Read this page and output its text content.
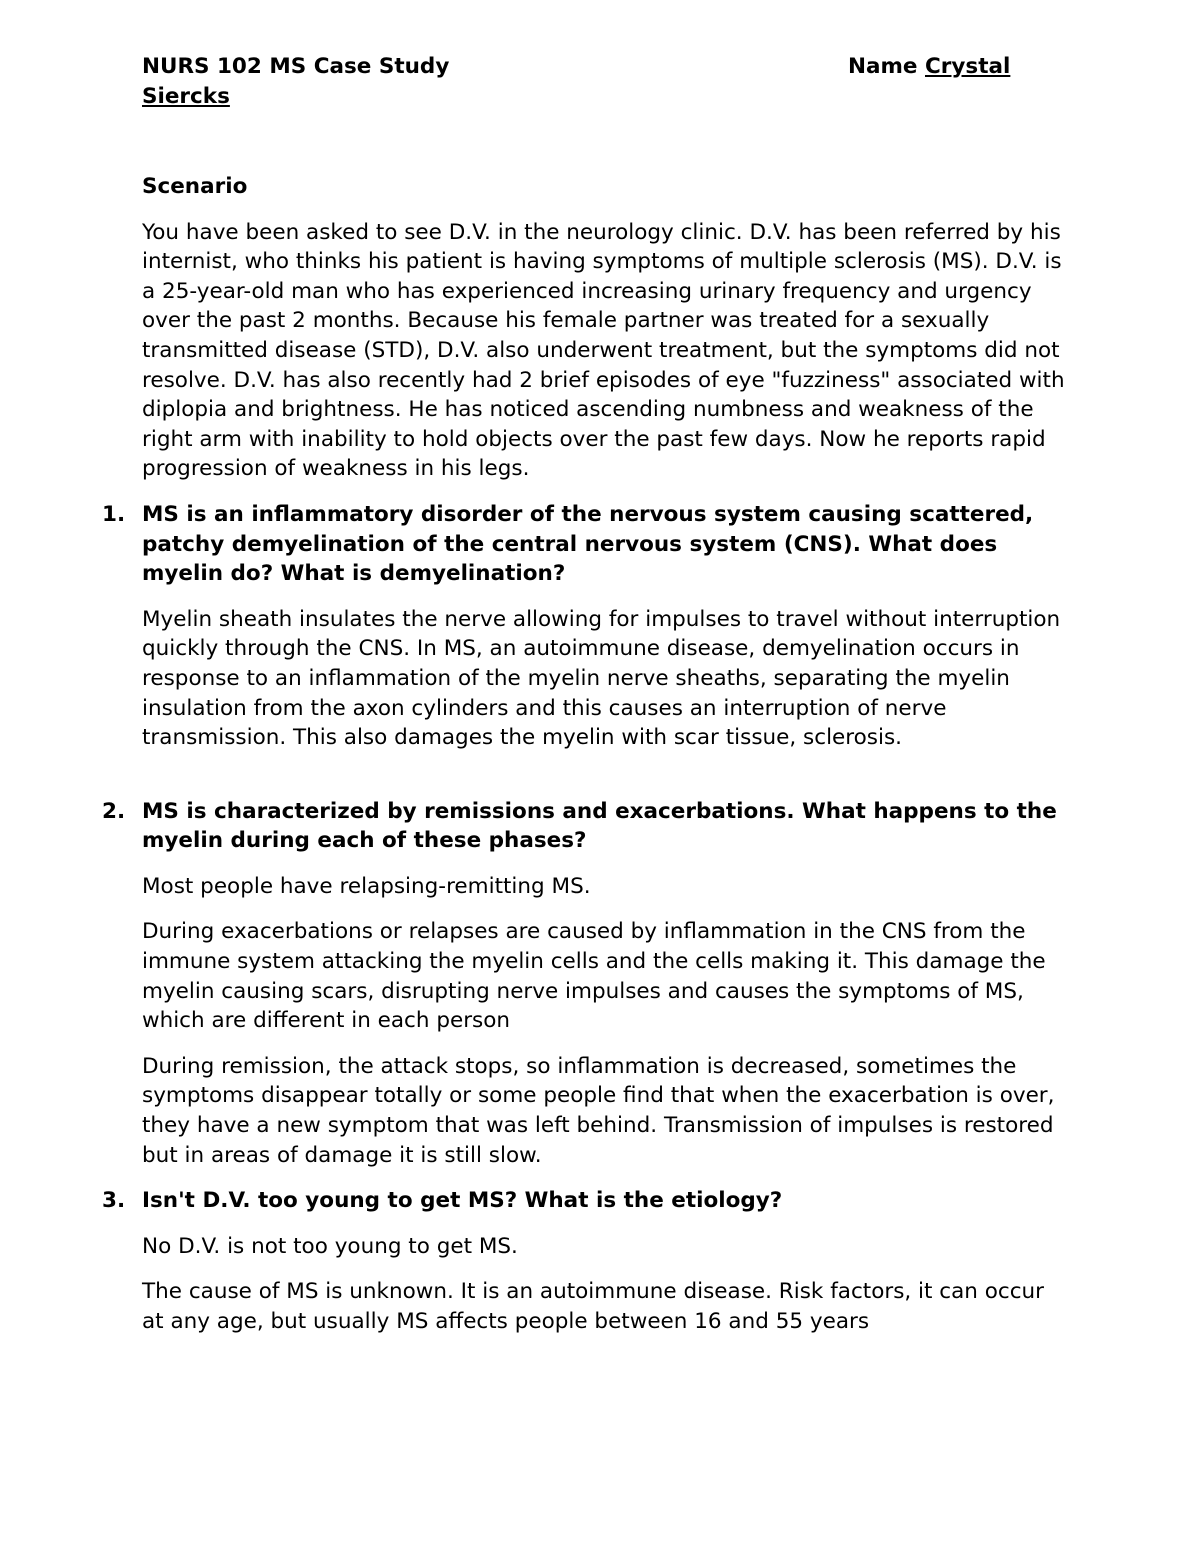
NURS 102 MS Case Study	Name Crystal
Siercks
Scenario
You have been asked to see D.V. in the neurology clinic. D.V. has been referred by his internist, who thinks his patient is having symptoms of multiple sclerosis (MS). D.V. is a 25-year-old man who has experienced increasing urinary frequency and urgency over the past 2 months. Because his female partner was treated for a sexually transmitted disease (STD), D.V. also underwent treatment, but the symptoms did not resolve. D.V. has also recently had 2 brief episodes of eye "fuzziness" associated with diplopia and brightness. He has noticed ascending numbness and weakness of the right arm with inability to hold objects over the past few days. Now he reports rapid progression of weakness in his legs.
1. MS is an inflammatory disorder of the nervous system causing scattered, patchy demyelination of the central nervous system (CNS). What does myelin do? What is demyelination?
Myelin sheath insulates the nerve allowing for impulses to travel without interruption quickly through the CNS. In MS, an autoimmune disease, demyelination occurs in response to an inflammation of the myelin nerve sheaths, separating the myelin insulation from the axon cylinders and this causes an interruption of nerve transmission. This also damages the myelin with scar tissue, sclerosis.
2. MS is characterized by remissions and exacerbations. What happens to the myelin during each of these phases?
Most people have relapsing-remitting MS.
During exacerbations or relapses are caused by inflammation in the CNS from the immune system attacking the myelin cells and the cells making it. This damage the myelin causing scars, disrupting nerve impulses and causes the symptoms of MS, which are different in each person
During remission, the attack stops, so inflammation is decreased, sometimes the symptoms disappear totally or some people find that when the exacerbation is over, they have a new symptom that was left behind. Transmission of impulses is restored but in areas of damage it is still slow.
3. Isn't D.V. too young to get MS? What is the etiology?
No D.V. is not too young to get MS.
The cause of MS is unknown. It is an autoimmune disease. Risk factors, it can occur at any age, but usually MS affects people between 16 and 55 years
